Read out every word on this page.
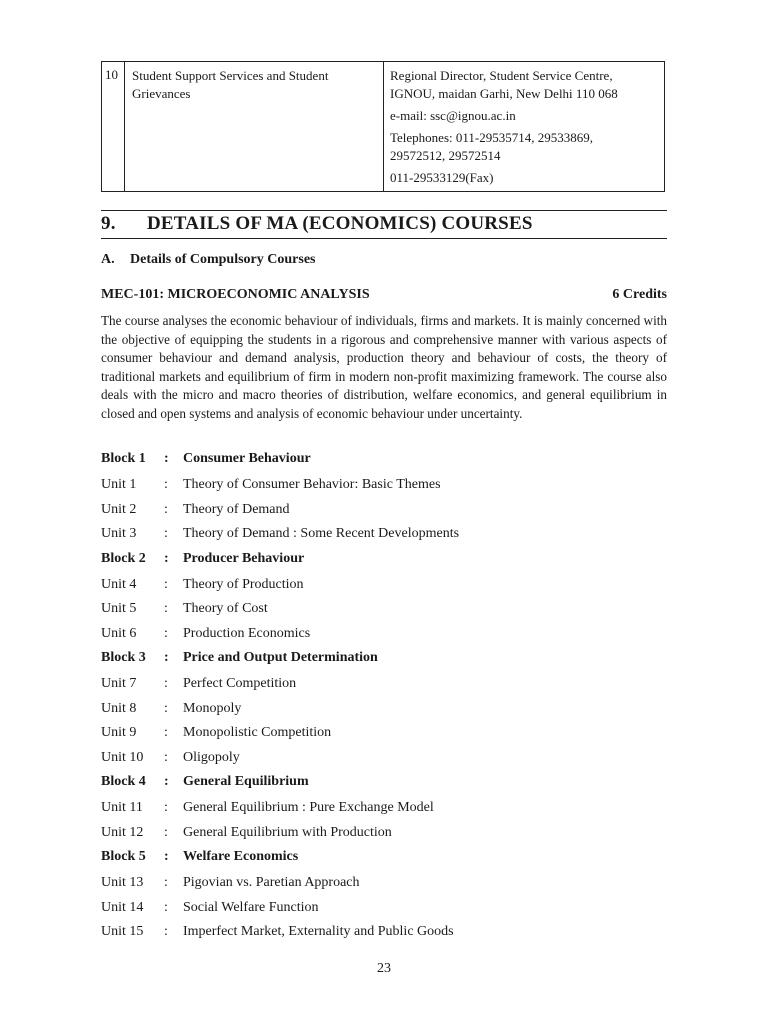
10 Student Support Services and Student Grievances
Regional Director, Student Service Centre,
IGNOU, maidan Garhi, New Delhi 110 068
e-mail: ssc@ignou.ac.in
Telephones: 011-29535714, 29533869,
29572512, 29572514
011-29533129(Fax)
9. DETAILS OF MA (ECONOMICS) COURSES
A. Details of Compulsory Courses
MEC-101: MICROECONOMIC ANALYSIS	6 Credits
The course analyses the economic behaviour of individuals, firms and markets. It is mainly concerned with the objective of equipping the students in a rigorous and comprehensive manner with various aspects of consumer behaviour and demand analysis, production theory and behaviour of costs, the theory of traditional markets and equilibrium of firm in modern non-profit maximizing framework. The course also deals with the micro and macro theories of distribution, welfare economics, and general equilibrium in closed and open systems and analysis of economic behaviour under uncertainty.
Block 1 : Consumer Behaviour
Unit 1 : Theory of Consumer Behavior: Basic Themes
Unit 2 : Theory of Demand
Unit 3 : Theory of Demand : Some Recent Developments
Block 2 : Producer Behaviour
Unit 4 : Theory of Production
Unit 5 : Theory of Cost
Unit 6 : Production Economics
Block 3 : Price and Output Determination
Unit 7 : Perfect Competition
Unit 8 : Monopoly
Unit 9 : Monopolistic Competition
Unit 10 : Oligopoly
Block 4 : General Equilibrium
Unit 11 : General Equilibrium : Pure Exchange Model
Unit 12 : General Equilibrium with Production
Block 5 : Welfare Economics
Unit 13 : Pigovian vs. Paretian Approach
Unit 14 : Social Welfare Function
Unit 15 : Imperfect Market, Externality and Public Goods
23
